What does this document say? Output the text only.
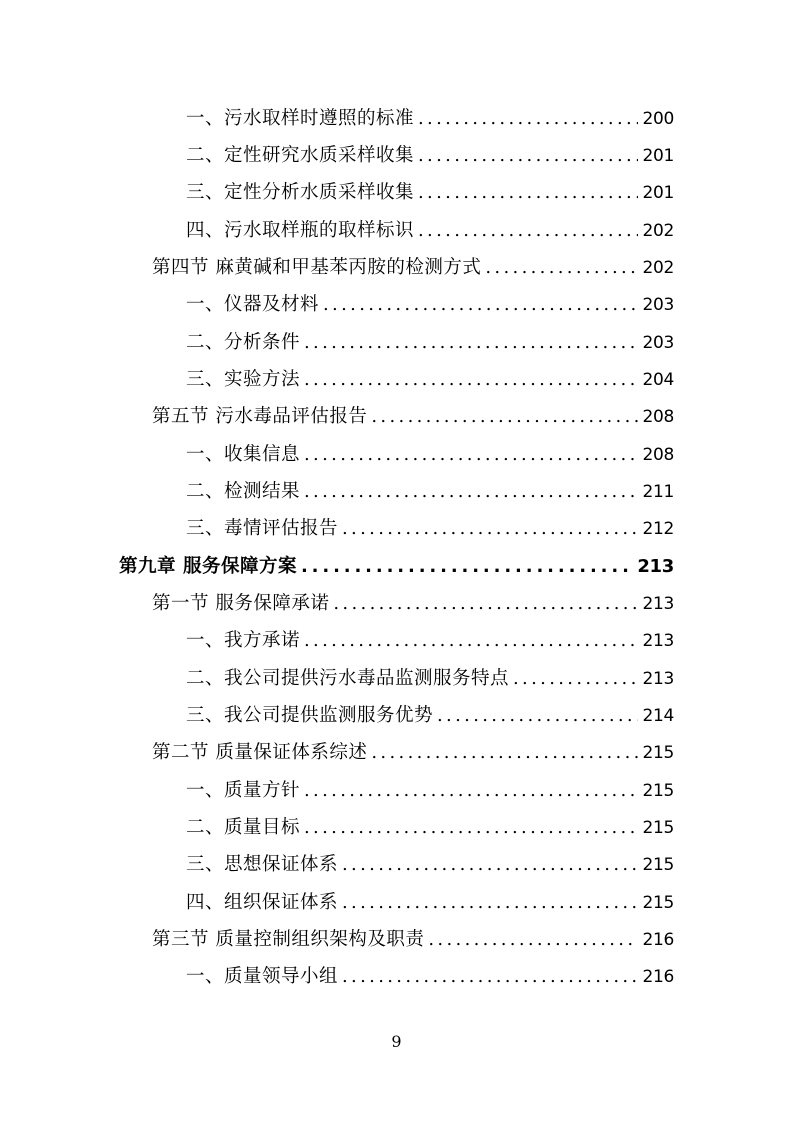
一、污水取样时遵照的标准 . . .	200
二、定性研究水质采样收集 . . .	201
三、定性分析水质采样收集 . . .	201
四、污水取样瓶的取样标识 . . .	202
第四节 麻黄碱和甲基苯丙胺的检测方式 . . .	202
一、仪器及材料 . . .	203
二、分析条件 . . .	203
三、实验方法 . . .	204
第五节 污水毒品评估报告 . . .	208
一、收集信息 . . .	208
二、检测结果 . . .	211
三、毒情评估报告 . . .	212
第九章 服务保障方案 . . .	213
第一节 服务保障承诺 . . .	213
一、我方承诺 . . .	213
二、我公司提供污水毒品监测服务特点 . . .	213
三、我公司提供监测服务优势 . . .	214
第二节 质量保证体系综述 . . .	215
一、质量方针 . . .	215
二、质量目标 . . .	215
三、思想保证体系 . . .	215
四、组织保证体系 . . .	215
第三节 质量控制组织架构及职责 . . .	216
一、质量领导小组 . . .	216
9
